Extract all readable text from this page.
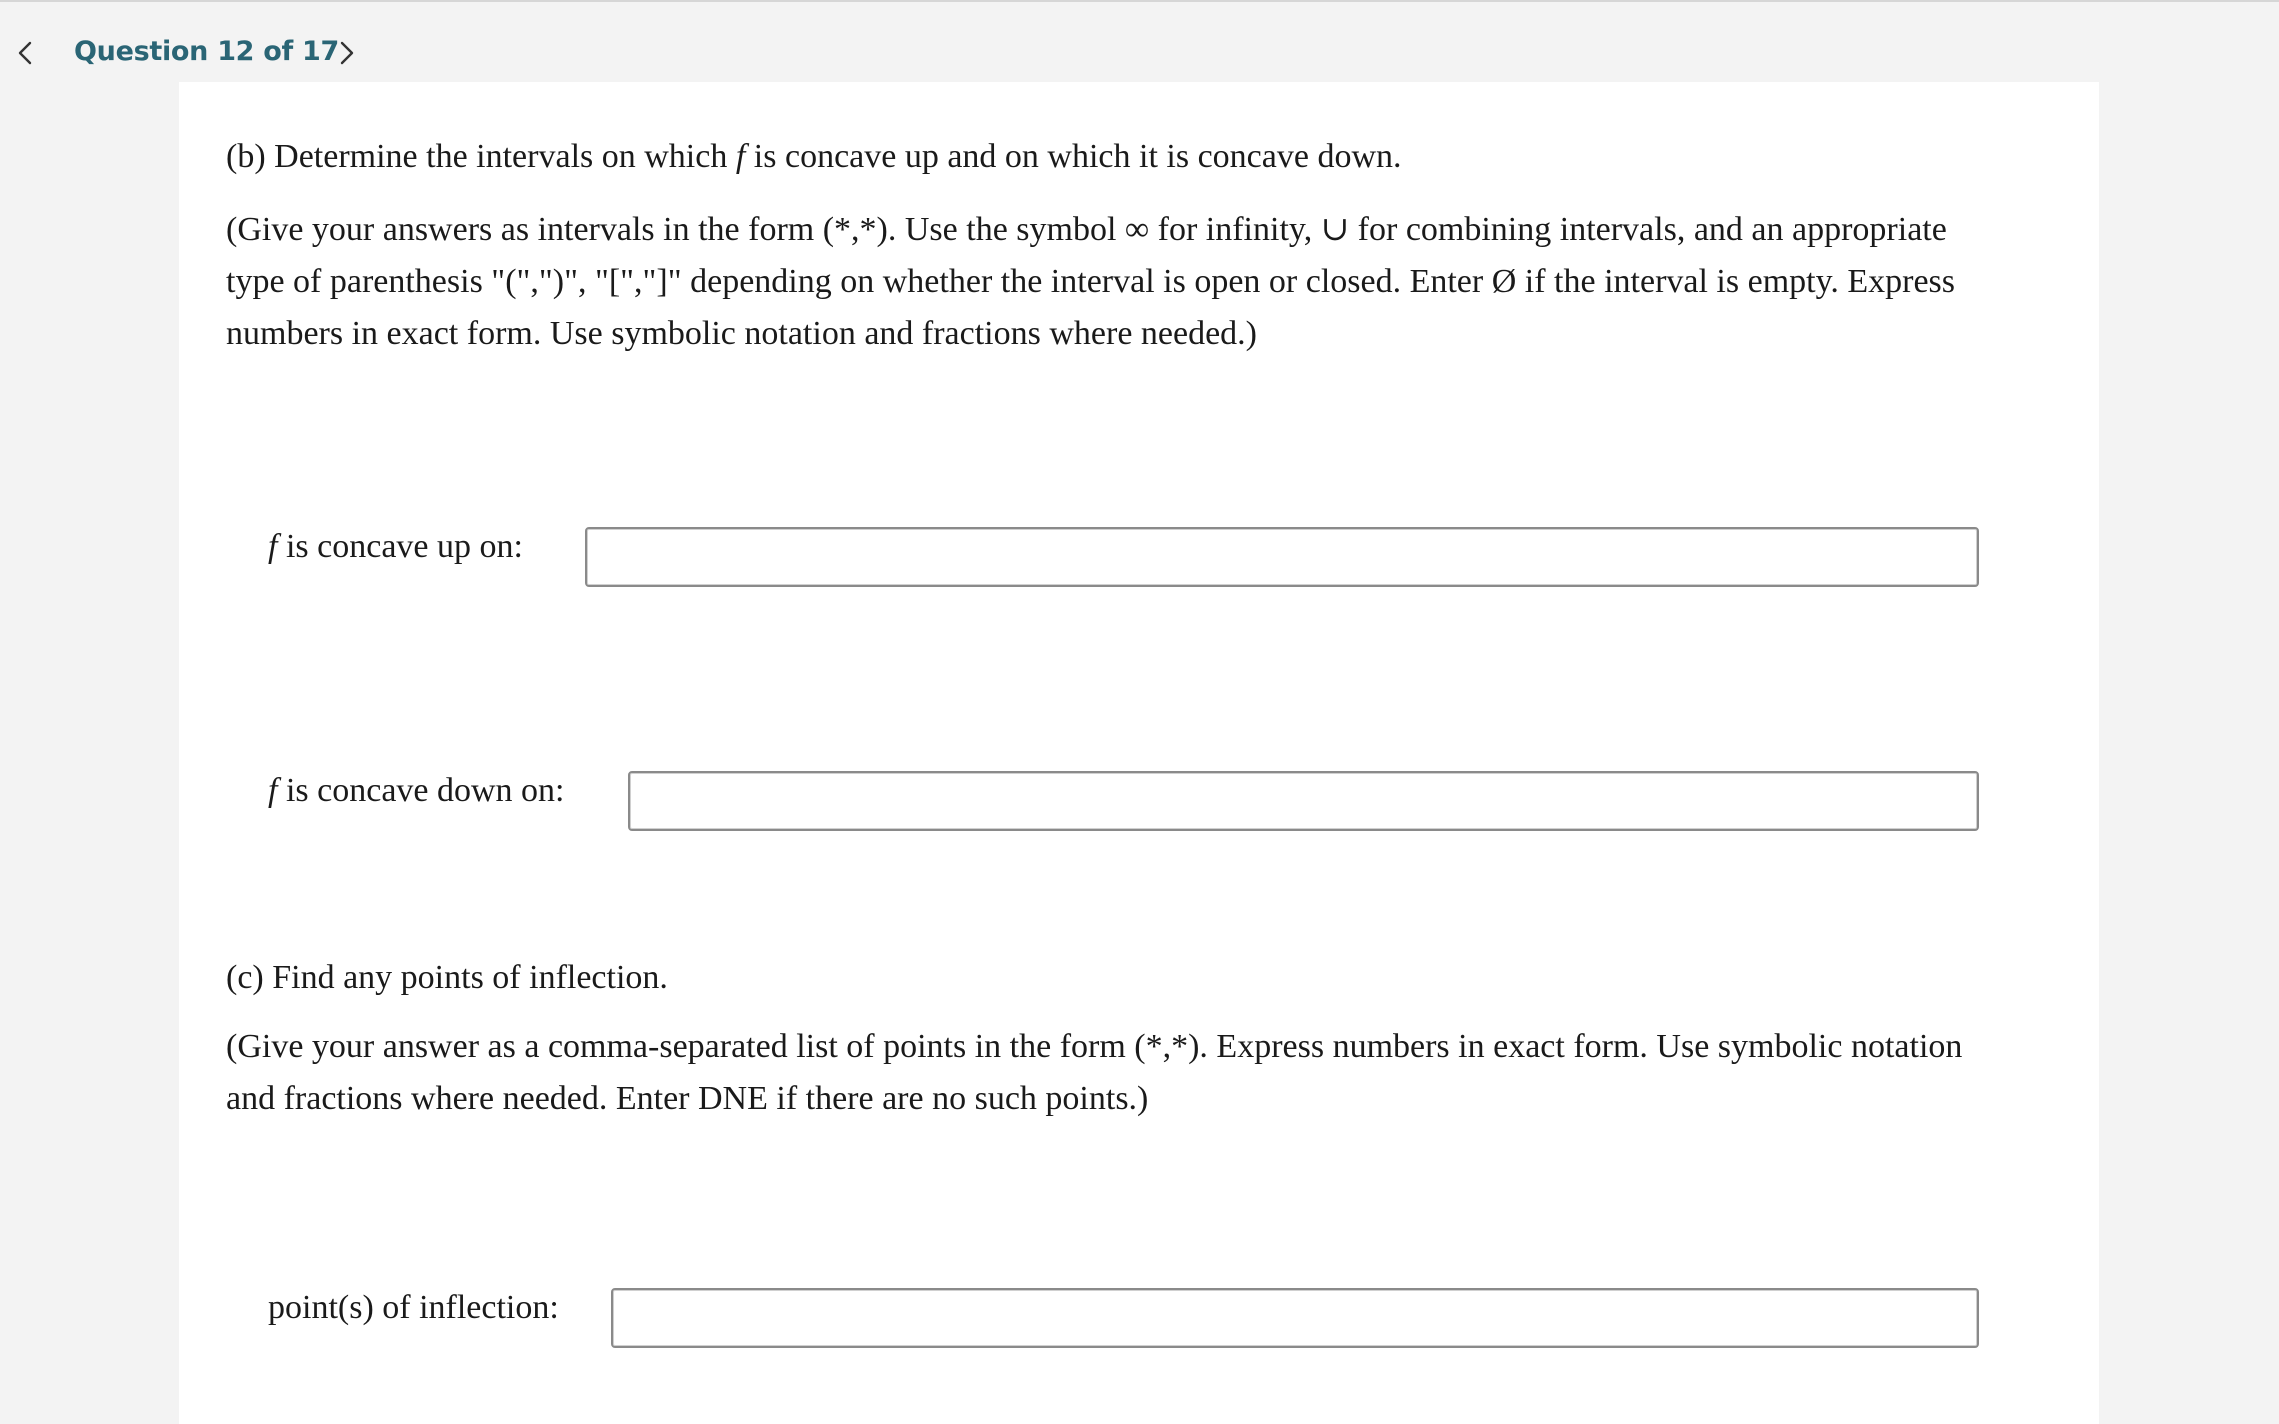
Question 12 of 17

(b) Determine the intervals on which f is concave up and on which it is concave down.

(Give your answers as intervals in the form (*,*). Use the symbol ∞ for infinity, ∪ for combining intervals, and an appropriate
type of parenthesis "(",")", "[","]" depending on whether the interval is open or closed. Enter Ø if the interval is empty. Express
numbers in exact form. Use symbolic notation and fractions where needed.)
f is concave up on:
f is concave down on:

(c) Find any points of inflection.

(Give your answer as a comma-separated list of points in the form (*,*). Express numbers in exact form. Use symbolic notation
and fractions where needed. Enter DNE if there are no such points.)
point(s) of inflection:
